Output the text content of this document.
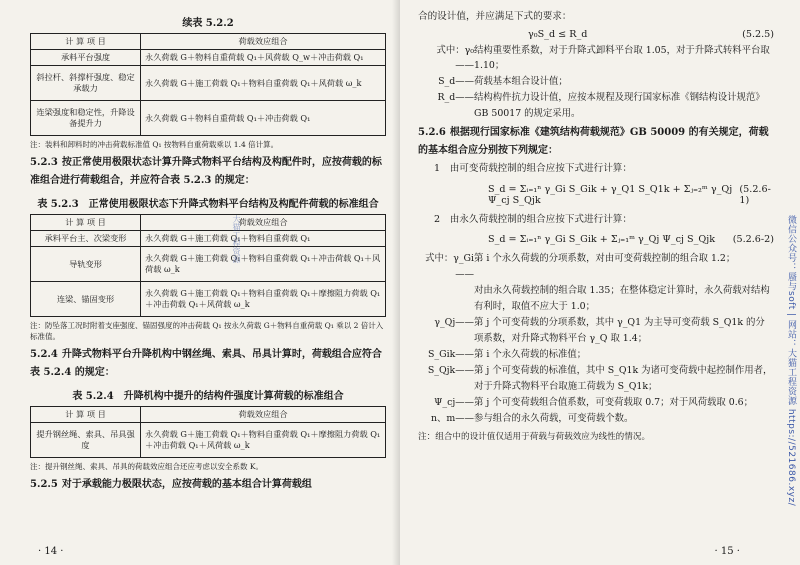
续表 5.2.2
计 算 项 目	荷载效应组合
承料平台强度	永久荷载 G＋物料自重荷载 Q₁＋风荷载 Q_w＋冲击荷载 Q₁
斜拉杆、斜撑杆强度、稳定承载力	永久荷载 G＋施工荷载 Q₁＋物料自重荷载 Q₁＋风荷载 ω_k
连梁强度和稳定性，升降设备提升力	永久荷载 G＋物料自重荷载 Q₁＋冲击荷载 Q₁
注：装料和卸料时的冲击荷载标准值 Q₁ 按物料自重荷载乘以 1.4 倍计算。
5.2.3 按正常使用极限状态计算升降式物料平台结构及构配件时，应按荷载的标准组合进行荷载组合，并应符合表 5.2.3 的规定：
表 5.2.3　正常使用极限状态下升降式物料平台结构及构配件荷载的标准组合
计 算 项 目	荷载效应组合
承料平台主、次梁变形	永久荷载 G＋施工荷载 Q₁＋物料自重荷载 Q₁
导轨变形	永久荷载 G＋施工荷载 Q₁＋物料自重荷载 Q₁＋冲击荷载 Q₁＋风荷载 ω_k
连梁、锚固变形	永久荷载 G＋施工荷载 Q₁＋物料自重荷载 Q₁＋摩擦阻力荷载 Q₁＋冲击荷载 Q₁＋风荷载 ω_k
注：防坠落工况时附着支座强度、锚固强度的冲击荷载 Q₁ 按永久荷载 G＋物料自重荷载 Q₁ 乘以 2 倍计入标准值。
5.2.4 升降式物料平台升降机构中钢丝绳、索具、吊具计算时，荷载组合应符合表 5.2.4 的规定：
表 5.2.4　升降机构中提升的结构件强度计算荷载的标准组合
计 算 项 目	荷载效应组合
提升钢丝绳、索具、吊具强度	永久荷载 G＋施工荷载 Q₁＋物料自重荷载 Q₁＋摩擦阻力荷载 Q₁＋冲击荷载 Q₁＋风荷载 ω_k
注：提升钢丝绳、索具、吊具的荷载效应组合还应考虑以安全系数 K。
5.2.5 对于承载能力极限状态，应按荷载的基本组合计算荷载组
大猫工程资源
· 14 ·
合的设计值，并应满足下式的要求：
γ₀S_d ≤ R_d	(5.2.5)
式中：γ₀——
结构重要性系数，对于升降式卸料平台取 1.05，对于升降式转料平台取 1.10；
S_d—— 荷载基本组合设计值；
R_d—— 结构构件抗力设计值，应按本规程及现行国家标准《钢结构设计规范》GB 50017 的规定采用。
5.2.6 根据现行国家标准《建筑结构荷载规范》GB 50009 的有关规定，荷载的基本组合应分别按下列规定：
1　由可变荷载控制的组合应按下式进行计算：
S_d = Σᵢ₌₁ⁿ γ_Gi S_Gik + γ_Q1 S_Q1k + Σⱼ₌₂ᵐ γ_Qj Ψ_cj S_Qjk
(5.2.6-1)
2　由永久荷载控制的组合应按下式进行计算：
S_d = Σᵢ₌₁ⁿ γ_Gi S_Gik + Σⱼ₌₁ᵐ γ_Qj Ψ_cj S_Qjk (5.2.6-2)
式中：γ_Gi——
第 i 个永久荷载的分项系数，对由可变荷载控制的组合取 1.2；
对由永久荷载控制的组合取 1.35；在整体稳定计算时，永久荷载对结构有利时，取值不应大于 1.0；
γ_Qj—— 第 j 个可变荷载的分项系数，其中 γ_Q1 为主导可变荷载 S_Q1k 的分项系数，对升降式物料平台 γ_Q 取 1.4；
S_Gik—— 第 i 个永久荷载的标准值；
S_Qjk—— 第 j 个可变荷载的标准值，其中 S_Q1k 为诸可变荷载中起控制作用者，对于升降式物料平台取施工荷载为 S_Q1k；
Ψ_cj—— 第 j 个可变荷载组合值系数，可变荷载取 0.7；对于风荷载取 0.6；
n、m—— 参与组合的永久荷载，可变荷载个数。
注：组合中的设计值仅适用于荷载与荷载效应为线性的情况。
· 15 ·
微信公众号：蜃与soft | 网站：大猫工程资源 https://521686.xyz/
